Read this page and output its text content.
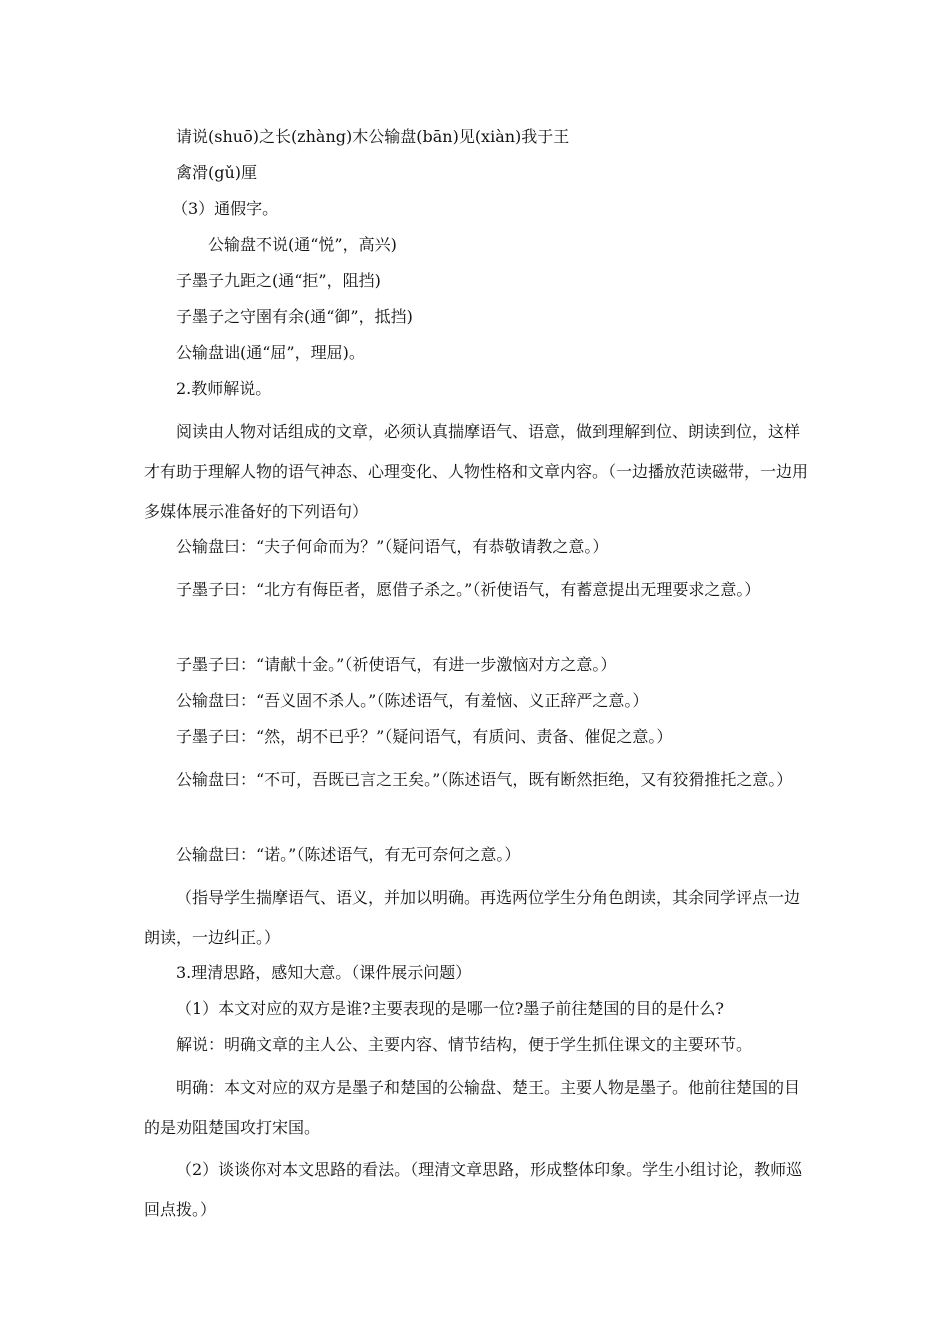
请说(shuō)之长(zhàng)木公输盘(bān)见(xiàn)我于王

禽滑(gǔ)厘

（3）通假字。

公输盘不说(通“悦”，高兴)

子墨子九距之(通“拒”，阻挡)

子墨子之守圉有余(通“御”，抵挡)

公输盘诎(通“屈”，理屈)。

2.教师解说。

阅读由人物对话组成的文章，必须认真揣摩语气、语意，做到理解到位、朗读到位，这样才有助于理解人物的语气神态、心理变化、人物性格和文章内容。（一边播放范读磁带，一边用多媒体展示准备好的下列语句）

公输盘曰：“夫子何命而为？”（疑问语气，有恭敬请教之意。）

子墨子曰：“北方有侮臣者，愿借子杀之。”（祈使语气，有蓄意提出无理要求之意。）

子墨子曰：“请献十金。”（祈使语气，有进一步激恼对方之意。）

公输盘曰：“吾义固不杀人。”（陈述语气，有羞恼、义正辞严之意。）

子墨子曰：“然，胡不已乎？”（疑问语气，有质问、责备、催促之意。）

公输盘曰：“不可，吾既已言之王矣。”（陈述语气，既有断然拒绝，又有狡猾推托之意。）

公输盘曰：“诺。”（陈述语气，有无可奈何之意。）

（指导学生揣摩语气、语义，并加以明确。再选两位学生分角色朗读，其余同学评点一边朗读，一边纠正。）

3.理清思路，感知大意。（课件展示问题）

（1）本文对应的双方是谁?主要表现的是哪一位?墨子前往楚国的目的是什么?

解说：明确文章的主人公、主要内容、情节结构，便于学生抓住课文的主要环节。

明确：本文对应的双方是墨子和楚国的公输盘、楚王。主要人物是墨子。他前往楚国的目的是劝阻楚国攻打宋国。

（2）谈谈你对本文思路的看法。（理清文章思路，形成整体印象。学生小组讨论，教师巡回点拨。）
